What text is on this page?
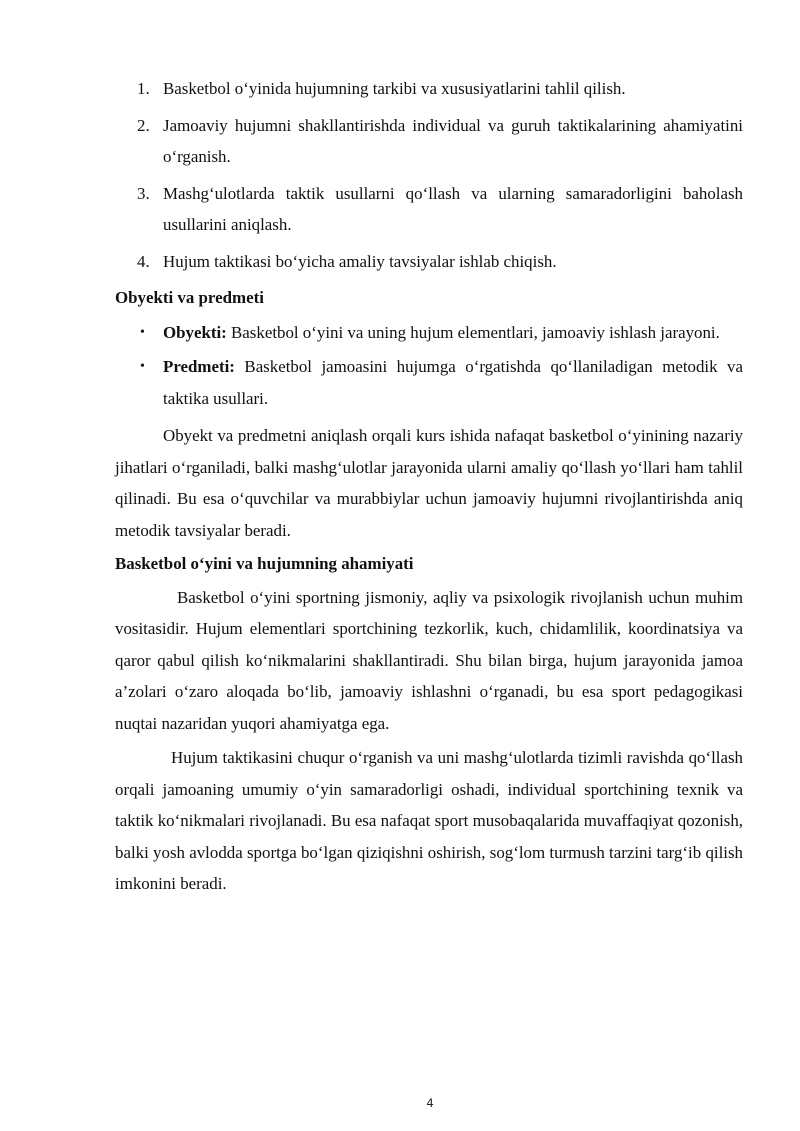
1. Basketbol o‘yinida hujumning tarkibi va xususiyatlarini tahlil qilish.
2. Jamoaviy hujumni shakllantirishda individual va guruh taktikalarining ahamiyatini o‘rganish.
3. Mashg‘ulotlarda taktik usullarni qo‘llash va ularning samaradorligini baholash usullarini aniqlash.
4. Hujum taktikasi bo‘yicha amaliy tavsiyalar ishlab chiqish.
Obyekti va predmeti
• Obyekti: Basketbol o‘yini va uning hujum elementlari, jamoaviy ishlash jarayoni.
• Predmeti: Basketbol jamoasini hujumga o‘rgatishda qo‘llaniladigan metodik va taktika usullari.

Obyekt va predmetni aniqlash orqali kurs ishida nafaqat basketbol o‘yinining nazariy jihatlari o‘rganiladi, balki mashg‘ulotlar jarayonida ularni amaliy qo‘llash yo‘llari ham tahlil qilinadi. Bu esa o‘quvchilar va murabbiylar uchun jamoaviy hujumni rivojlantirishda aniq metodik tavsiyalar beradi.

Basketbol o‘yini va hujumning ahamiyati

Basketbol o‘yini sportning jismoniy, aqliy va psixologik rivojlanish uchun muhim vositasidir. Hujum elementlari sportchining tezkorlik, kuch, chidamlilik, koordinatsiya va qaror qabul qilish ko‘nikmalarini shakllantiradi. Shu bilan birga, hujum jarayonida jamoa a’zolari o‘zaro aloqada bo‘lib, jamoaviy ishlashni o‘rganadi, bu esa sport pedagogikasi nuqtai nazaridan yuqori ahamiyatga ega.

Hujum taktikasini chuqur o‘rganish va uni mashg‘ulotlarda tizimli ravishda qo‘llash orqali jamoaning umumiy o‘yin samaradorligi oshadi, individual sportchining texnik va taktik ko‘nikmalari rivojlanadi. Bu esa nafaqat sport musobaqalarida muvaffaqiyat qozonish, balki yosh avlodda sportga bo‘lgan qiziqishni oshirish, sog‘lom turmush tarzini targ‘ib qilish imkonini beradi.

4
